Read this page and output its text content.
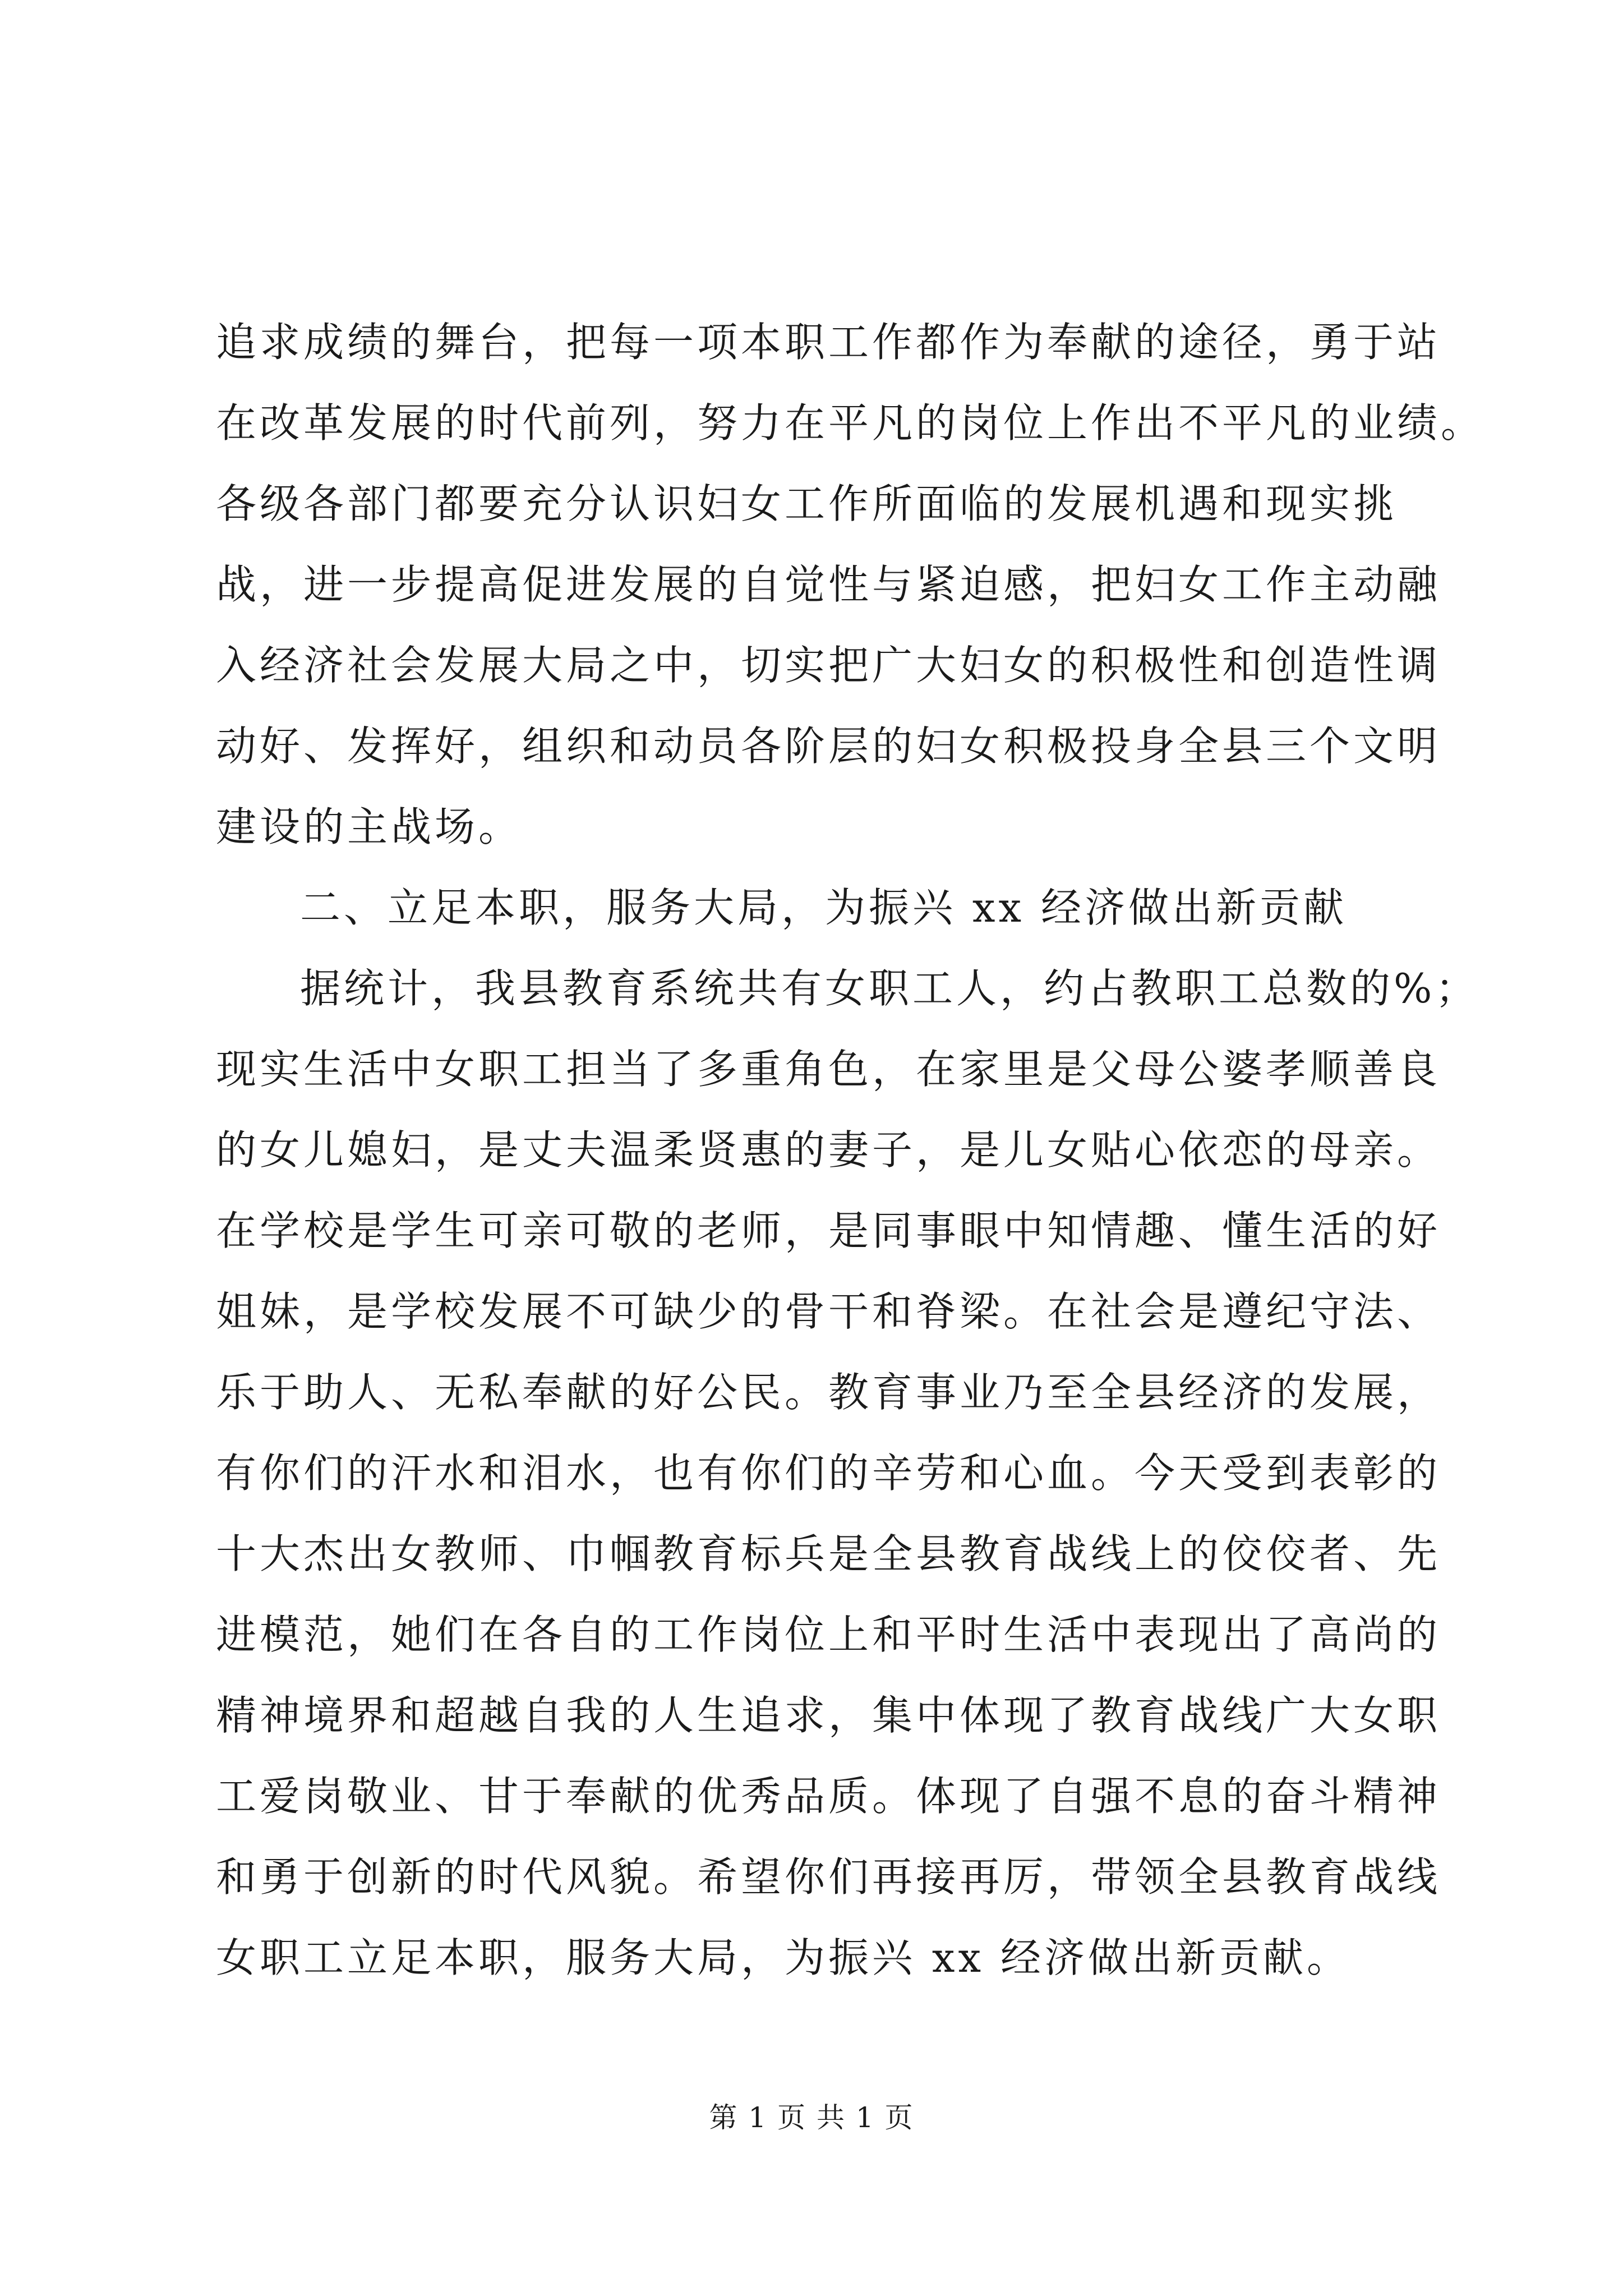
追求成绩的舞台，把每一项本职工作都作为奉献的途径，勇于站
在改革发展的时代前列，努力在平凡的岗位上作出不平凡的业绩。
各级各部门都要充分认识妇女工作所面临的发展机遇和现实挑
战，进一步提高促进发展的自觉性与紧迫感，把妇女工作主动融
入经济社会发展大局之中，切实把广大妇女的积极性和创造性调
动好、发挥好，组织和动员各阶层的妇女积极投身全县三个文明
建设的主战场。
二、立足本职，服务大局，为振兴 xx 经济做出新贡献
据统计，我县教育系统共有女职工人，约占教职工总数的%；
现实生活中女职工担当了多重角色，在家里是父母公婆孝顺善良
的女儿媳妇，是丈夫温柔贤惠的妻子，是儿女贴心依恋的母亲。
在学校是学生可亲可敬的老师，是同事眼中知情趣、懂生活的好
姐妹，是学校发展不可缺少的骨干和脊梁。在社会是遵纪守法、
乐于助人、无私奉献的好公民。教育事业乃至全县经济的发展，
有你们的汗水和泪水，也有你们的辛劳和心血。今天受到表彰的
十大杰出女教师、巾帼教育标兵是全县教育战线上的佼佼者、先
进模范，她们在各自的工作岗位上和平时生活中表现出了高尚的
精神境界和超越自我的人生追求，集中体现了教育战线广大女职
工爱岗敬业、甘于奉献的优秀品质。体现了自强不息的奋斗精神
和勇于创新的时代风貌。希望你们再接再厉，带领全县教育战线
女职工立足本职，服务大局，为振兴 xx 经济做出新贡献。
第 1 页 共 1 页
